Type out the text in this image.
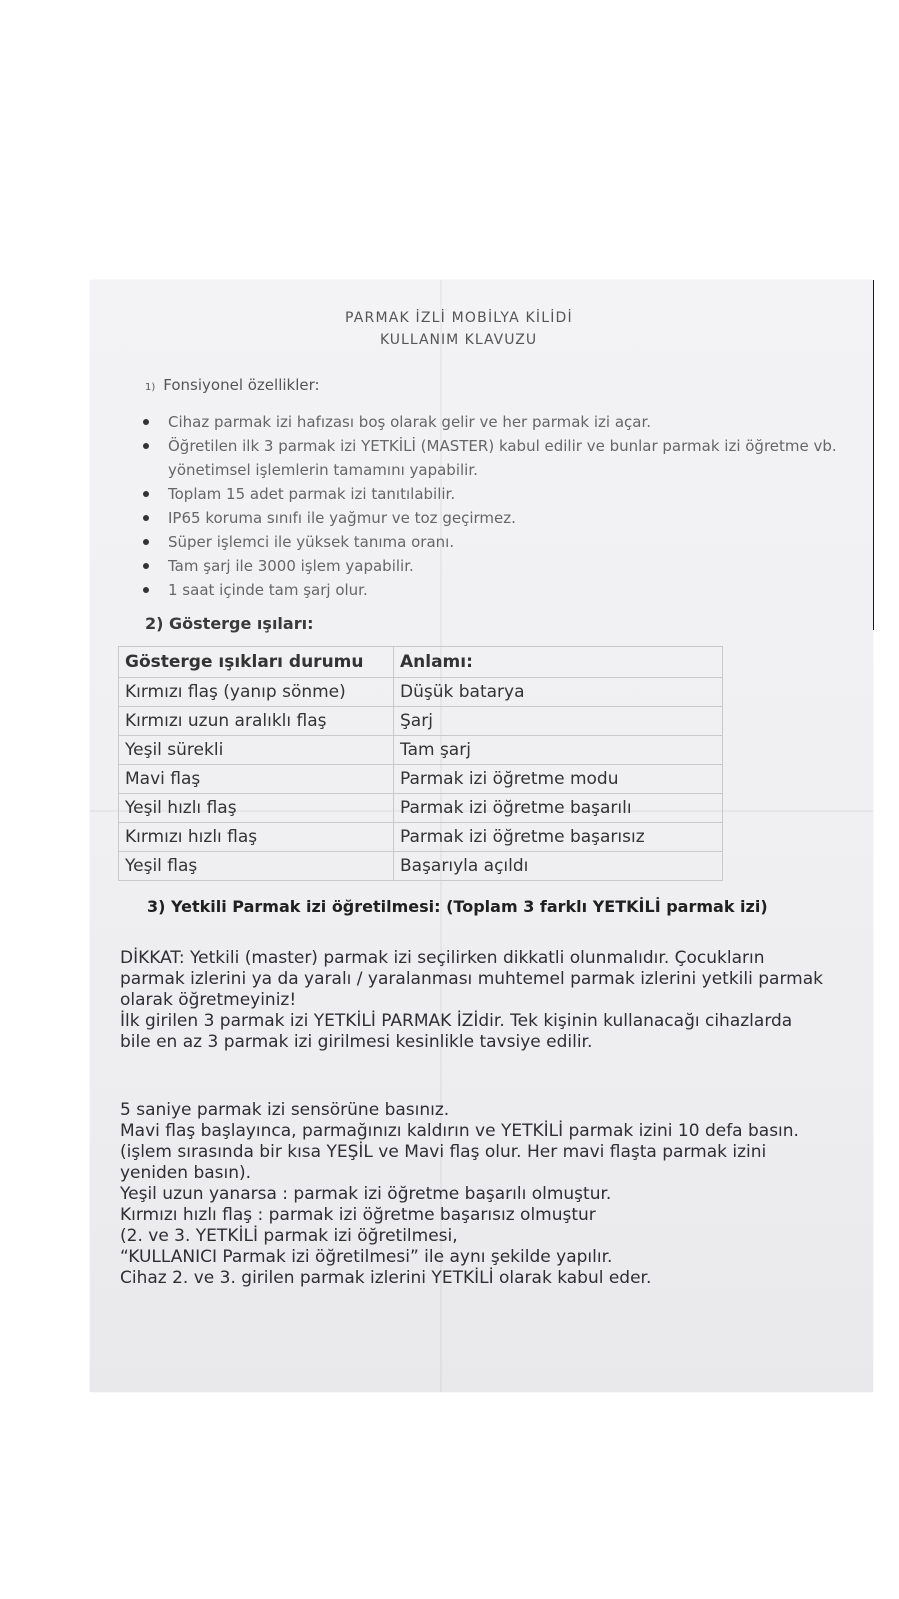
PARMAK İZLİ MOBİLYA KİLİDİ
KULLANIM KLAVUZU
1) Fonsiyonel özellikler:
Cihaz parmak izi hafızası boş olarak gelir ve her parmak izi açar.
Öğretilen ilk 3 parmak izi YETKİLİ (MASTER) kabul edilir ve bunlar parmak izi öğretme vb. yönetimsel işlemlerin tamamını yapabilir.
Toplam 15 adet parmak izi tanıtılabilir.
IP65 koruma sınıfı ile yağmur ve toz geçirmez.
Süper işlemci ile yüksek tanıma oranı.
Tam şarj ile 3000 işlem yapabilir.
1 saat içinde tam şarj olur.
2) Gösterge ışıları:
Gösterge ışıkları durumu	Anlamı:
Kırmızı flaş (yanıp sönme)	Düşük batarya
Kırmızı uzun aralıklı flaş	Şarj
Yeşil sürekli	Tam şarj
Mavi flaş	Parmak izi öğretme modu
Yeşil hızlı flaş	Parmak izi öğretme başarılı
Kırmızı hızlı flaş	Parmak izi öğretme başarısız
Yeşil flaş	Başarıyla açıldı
3) Yetkili Parmak izi öğretilmesi: (Toplam 3 farklı YETKİLİ parmak izi)
DİKKAT: Yetkili (master) parmak izi seçilirken dikkatli olunmalıdır. Çocukların
parmak izlerini ya da yaralı / yaralanması muhtemel parmak izlerini yetkili parmak
olarak öğretmeyiniz!
İlk girilen 3 parmak izi YETKİLİ PARMAK İZİdir. Tek kişinin kullanacağı cihazlarda
bile en az 3 parmak izi girilmesi kesinlikle tavsiye edilir.
5 saniye parmak izi sensörüne basınız.
Mavi flaş başlayınca, parmağınızı kaldırın ve YETKİLİ parmak izini 10 defa basın.
(işlem sırasında bir kısa YEŞİL ve Mavi flaş olur. Her mavi flaşta parmak izini
yeniden basın).
Yeşil uzun yanarsa : parmak izi öğretme başarılı olmuştur.
Kırmızı hızlı flaş : parmak izi öğretme başarısız olmuştur
(2. ve 3. YETKİLİ parmak izi öğretilmesi,
“KULLANICI Parmak izi öğretilmesi” ile aynı şekilde yapılır.
Cihaz 2. ve 3. girilen parmak izlerini YETKİLİ olarak kabul eder.
